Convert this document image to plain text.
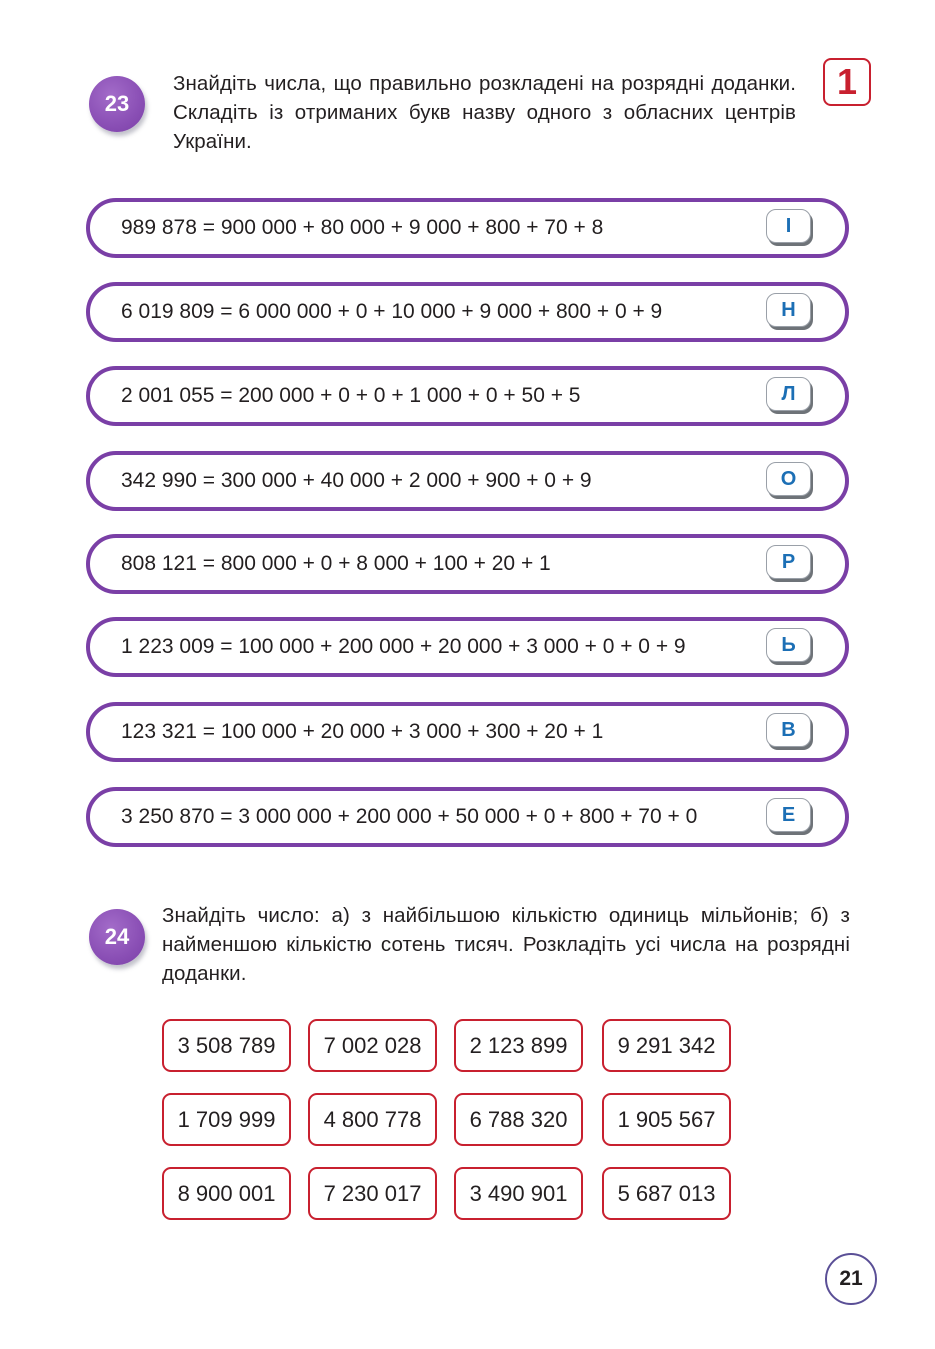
23
Знайдіть числа, що правильно розкладені на розрядні доданки. Складіть із отриманих букв назву одного з обласних центрів України.
1
989 878 = 900 000 + 80 000 + 9 000 + 800 + 70 + 8	І
6 019 809 = 6 000 000 + 0 + 10 000 + 9 000 + 800 + 0 + 9	Н
2 001 055 = 200 000 + 0 + 0 + 1 000 + 0 + 50 + 5	Л
342 990 = 300 000 + 40 000 + 2 000 + 900 + 0 + 9	О
808 121 = 800 000 + 0 + 8 000 + 100 + 20 + 1	Р
1 223 009 = 100 000 + 200 000 + 20 000 + 3 000 + 0 + 0 + 9	Ь
123 321 = 100 000 + 20 000 + 3 000 + 300 + 20 + 1	В
3 250 870 = 3 000 000 + 200 000 + 50 000 + 0 + 800 + 70 + 0	Е
24
Знайдіть число: а) з найбільшою кількістю одиниць мільйонів; б) з найменшою кількістю сотень тисяч. Розкладіть усі числа на розрядні доданки.
3 508 789	7 002 028	2 123 899	9 291 342
1 709 999	4 800 778	6 788 320	1 905 567
8 900 001	7 230 017	3 490 901	5 687 013
21
